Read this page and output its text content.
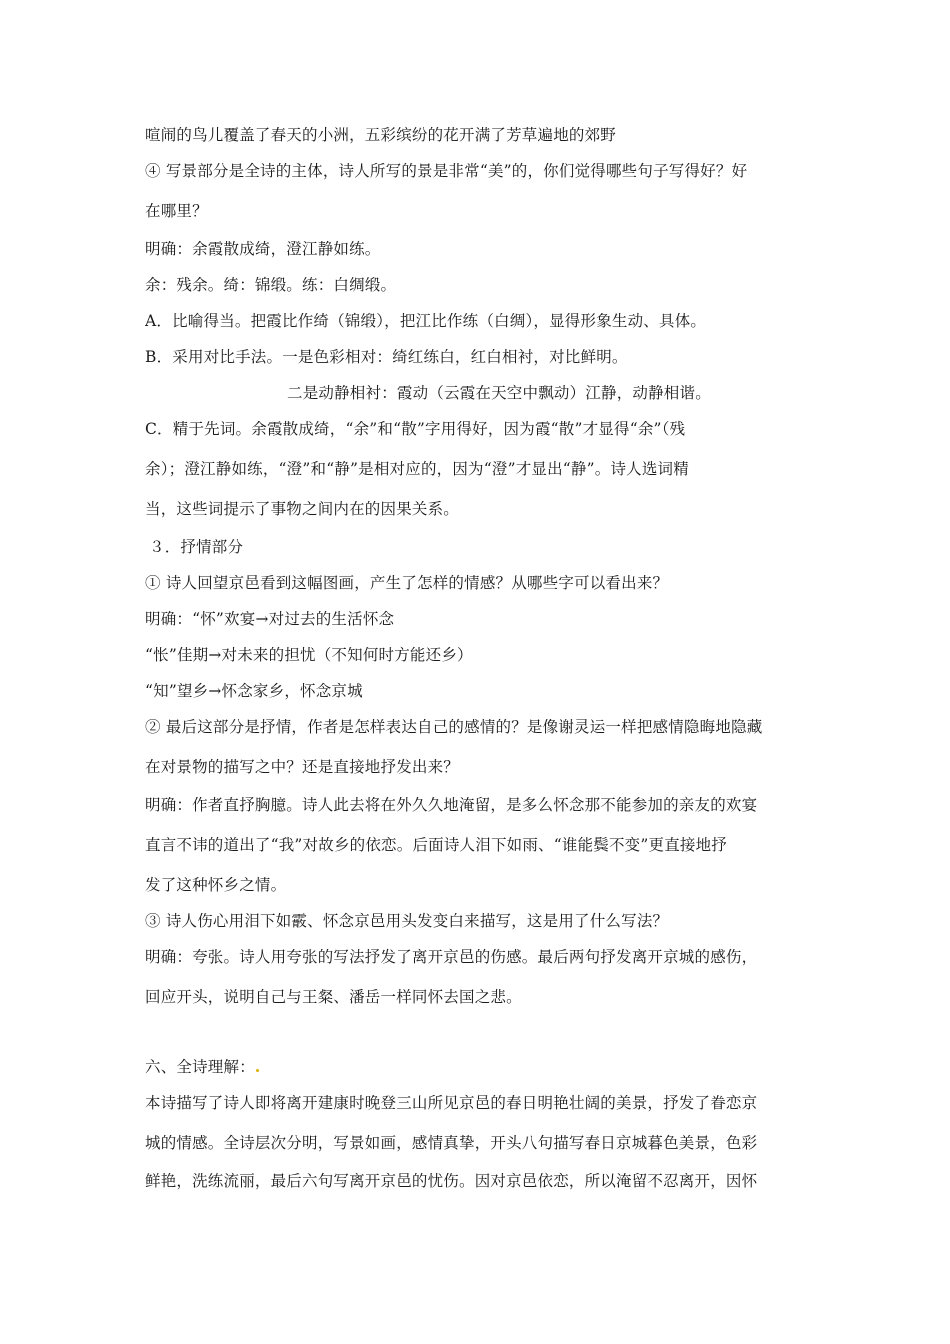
喧闹的鸟儿覆盖了春天的小洲，五彩缤纷的花开满了芳草遍地的郊野
④ 写景部分是全诗的主体，诗人所写的景是非常“美”的，你们觉得哪些句子写得好？好
在哪里？
明确：余霞散成绮，澄江静如练。
余：残余。绮：锦缎。练：白绸缎。
A．比喻得当。把霞比作绮（锦缎），把江比作练（白绸），显得形象生动、具体。
B．采用对比手法。一是色彩相对：绮红练白，红白相衬，对比鲜明。
二是动静相衬：霞动（云霞在天空中飘动）江静，动静相谐。
C．精于先词。余霞散成绮，“余”和“散”字用得好，因为霞“散”才显得“余”（残
余）；澄江静如练，“澄”和“静”是相对应的，因为“澄”才显出“静”。诗人选词精
当，这些词提示了事物之间内在的因果关系。
３．抒情部分
① 诗人回望京邑看到这幅图画，产生了怎样的情感？从哪些字可以看出来？
明确：“怀”欢宴→对过去的生活怀念
“怅”佳期→对未来的担忧（不知何时方能还乡）
“知”望乡→怀念家乡，怀念京城
② 最后这部分是抒情，作者是怎样表达自己的感情的？是像谢灵运一样把感情隐晦地隐藏
在对景物的描写之中？还是直接地抒发出来？
明确：作者直抒胸臆。诗人此去将在外久久地淹留，是多么怀念那不能参加的亲友的欢宴
直言不讳的道出了“我”对故乡的依恋。后面诗人泪下如雨、“谁能鬓不变”更直接地抒
发了这种怀乡之情。
③ 诗人伤心用泪下如霰、怀念京邑用头发变白来描写，这是用了什么写法？
明确：夸张。诗人用夸张的写法抒发了离开京邑的伤感。最后两句抒发离开京城的感伤，
回应开头，说明自己与王粲、潘岳一样同怀去国之悲。
六、全诗理解：
本诗描写了诗人即将离开建康时晚登三山所见京邑的春日明艳壮阔的美景，抒发了眷恋京
城的情感。全诗层次分明，写景如画，感情真挚，开头八句描写春日京城暮色美景，色彩
鲜艳，洗练流丽，最后六句写离开京邑的忧伤。因对京邑依恋，所以淹留不忍离开，因怀
